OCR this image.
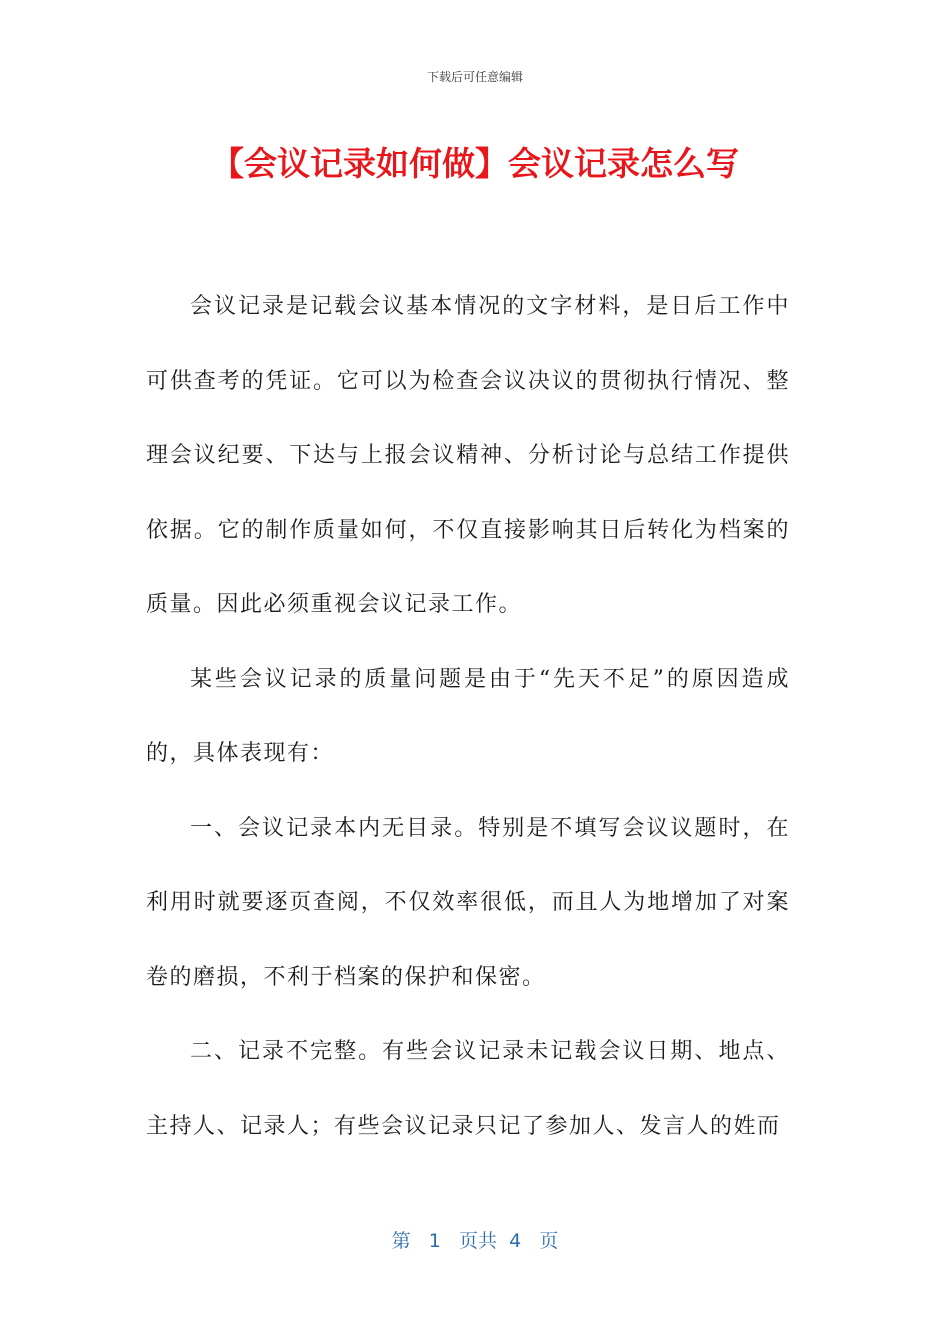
下载后可任意编辑
【会议记录如何做】会议记录怎么写

会议记录是记载会议基本情况的文字材料，是日后工作中可供查考的凭证。它可以为检查会议决议的贯彻执行情况、整理会议纪要、下达与上报会议精神、分析讨论与总结工作提供依据。它的制作质量如何，不仅直接影响其日后转化为档案的质量。因此必须重视会议记录工作。

某些会议记录的质量问题是由于“先天不足”的原因造成的，具体表现有：

一、会议记录本内无目录。特别是不填写会议议题时，在利用时就要逐页查阅，不仅效率很低，而且人为地增加了对案卷的磨损，不利于档案的保护和保密。

二、记录不完整。有些会议记录未记载会议日期、地点、主持人、记录人；有些会议记录只记了参加人、发言人的姓而

第 1 页共 4 页
